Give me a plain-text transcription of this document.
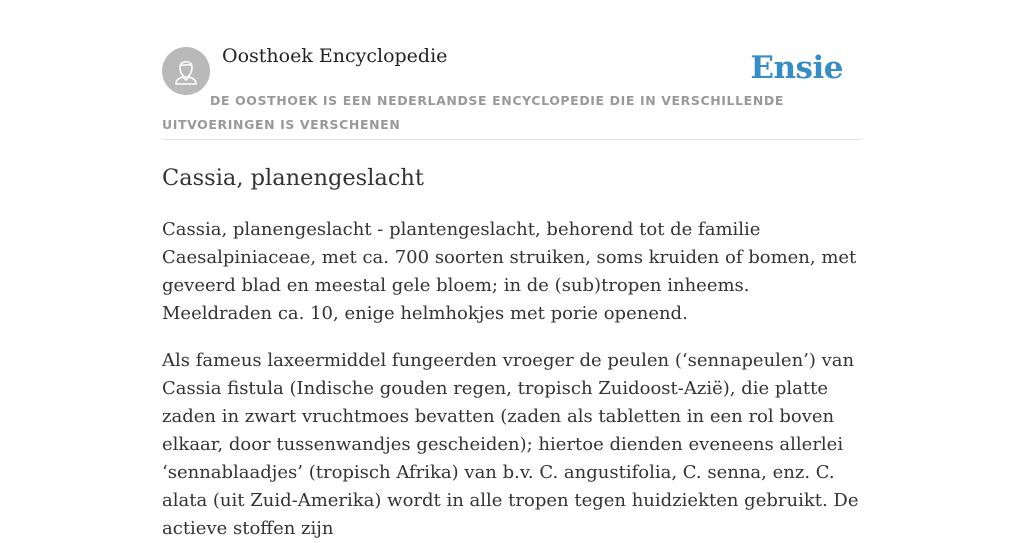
Oosthoek Encyclopedie	Ensie
DE OOSTHOEK IS EEN NEDERLANDSE ENCYCLOPEDIE DIE IN VERSCHILLENDE UITVOERINGEN IS VERSCHENEN
Cassia, planengeslacht

Cassia, planengeslacht - plantengeslacht, behorend tot de familie Caesalpiniaceae, met ca. 700 soorten struiken, soms kruiden of bomen, met geveerd blad en meestal gele bloem; in de (sub)tropen inheems. Meeldraden ca. 10, enige helmhokjes met porie openend.

Als fameus laxeermiddel fungeerden vroeger de peulen (‘sennapeulen’) van Cassia fistula (Indische gouden regen, tropisch Zuidoost-Azië), die platte zaden in zwart vruchtmoes bevatten (zaden als tabletten in een rol boven elkaar, door tussenwandjes gescheiden); hiertoe dienden eveneens allerlei ‘sennablaadjes’ (tropisch Afrika) van b.v. C. angustifolia, C. senna, enz. C. alata (uit Zuid-Amerika) wordt in alle tropen tegen huidziekten gebruikt. De actieve stoffen zijn
